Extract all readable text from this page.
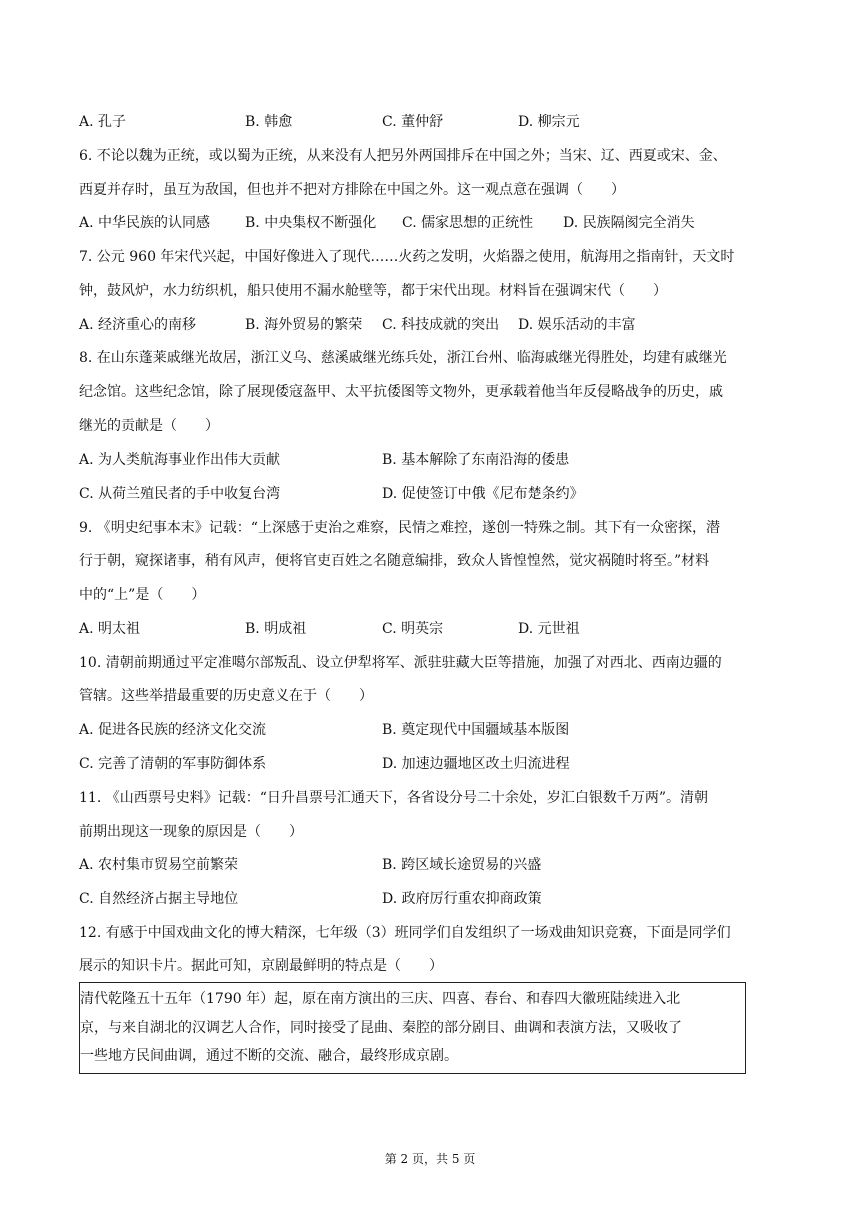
A. 孔子	B. 韩愈	C. 董仲舒	D. 柳宗元
6. 不论以魏为正统，或以蜀为正统，从来没有人把另外两国排斥在中国之外；当宋、辽、西夏或宋、金、
西夏并存时，虽互为敌国，但也并不把对方排除在中国之外。这一观点意在强调（　　）
A. 中华民族的认同感 B. 中央集权不断强化 C. 儒家思想的正统性 D. 民族隔阂完全消失
7. 公元 960 年宋代兴起，中国好像进入了现代……火药之发明，火焰器之使用，航海用之指南针，天文时
钟，鼓风炉，水力纺织机，船只使用不漏水舱壁等，都于宋代出现。材料旨在强调宋代（　　）
A. 经济重心的南移	B. 海外贸易的繁荣 C. 科技成就的突出 D. 娱乐活动的丰富
8. 在山东蓬莱戚继光故居，浙江义乌、慈溪戚继光练兵处，浙江台州、临海戚继光得胜处，均建有戚继光
纪念馆。这些纪念馆，除了展现倭寇盔甲、太平抗倭图等文物外，更承载着他当年反侵略战争的历史，戚
继光的贡献是（　　）
A. 为人类航海事业作出伟大贡献	B. 基本解除了东南沿海的倭患
C. 从荷兰殖民者的手中收复台湾	D. 促使签订中俄《尼布楚条约》
9. 《明史纪事本末》记载：“上深感于吏治之难察，民情之难控，遂创一特殊之制。其下有一众密探，潜
行于朝，窥探诸事，稍有风声，便将官吏百姓之名随意编排，致众人皆惶惶然，觉灾祸随时将至。”材料
中的“上”是（　　）
A. 明太祖	B. 明成祖	C. 明英宗	D. 元世祖
10. 清朝前期通过平定准噶尔部叛乱、设立伊犁将军、派驻驻藏大臣等措施，加强了对西北、西南边疆的
管辖。这些举措最重要的历史意义在于（　　）
A. 促进各民族的经济文化交流	B. 奠定现代中国疆域基本版图
C. 完善了清朝的军事防御体系	D. 加速边疆地区改土归流进程
11. 《山西票号史料》记载：“日升昌票号汇通天下，各省设分号二十余处，岁汇白银数千万两”。清朝
前期出现这一现象的原因是（　　）
A. 农村集市贸易空前繁荣	B. 跨区域长途贸易的兴盛
C. 自然经济占据主导地位	D. 政府厉行重农抑商政策
12. 有感于中国戏曲文化的博大精深，七年级（3）班同学们自发组织了一场戏曲知识竞赛，下面是同学们
展示的知识卡片。据此可知，京剧最鲜明的特点是（　　）
清代乾隆五十五年（1790 年）起，原在南方演出的三庆、四喜、春台、和春四大徽班陆续进入北
京，与来自湖北的汉调艺人合作，同时接受了昆曲、秦腔的部分剧目、曲调和表演方法，又吸收了
一些地方民间曲调，通过不断的交流、融合，最终形成京剧。
第 2 页，共 5 页
